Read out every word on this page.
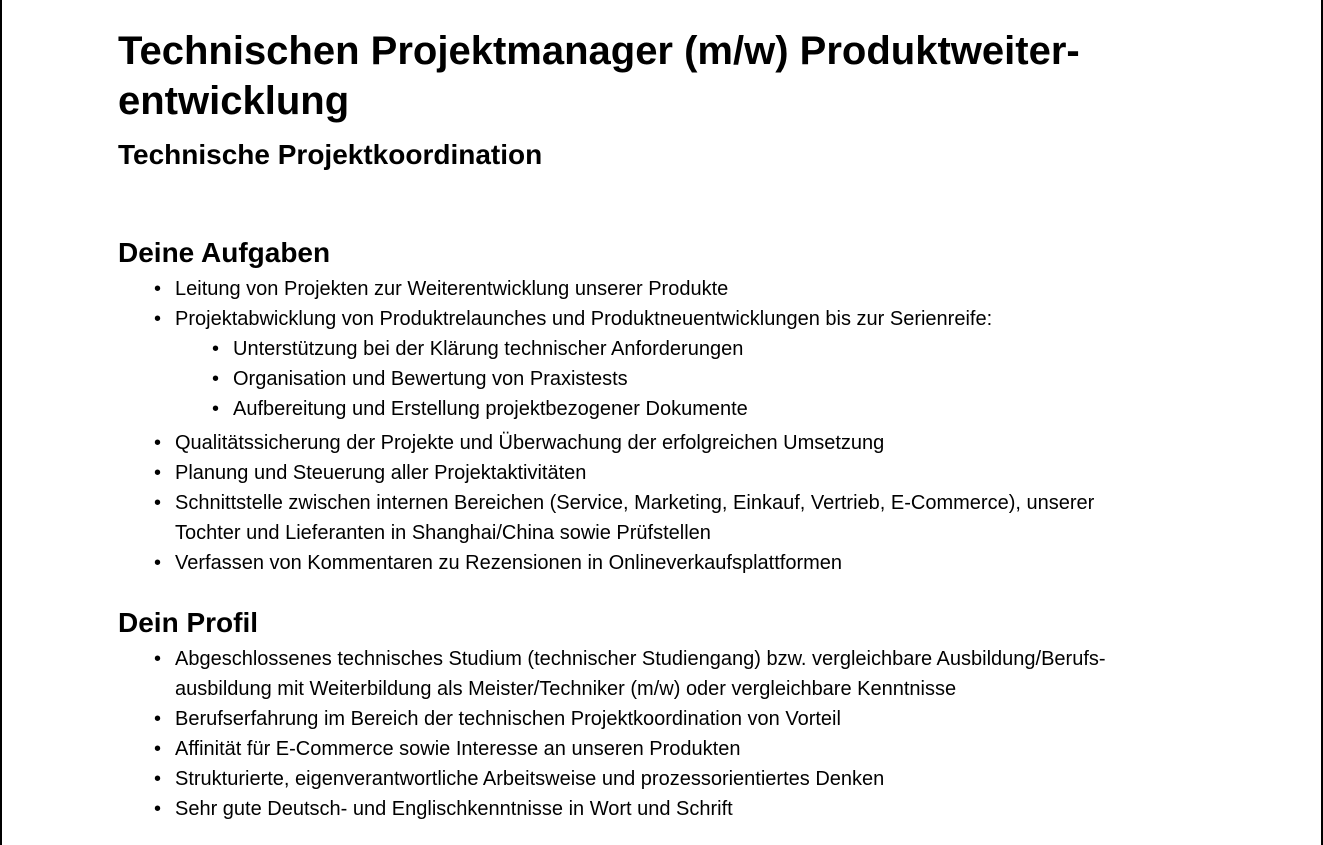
Technischen Projektmanager (m/w) Produktweiter-
entwicklung
Technische Projektkoordination
Deine Aufgaben
• Leitung von Projekten zur Weiterentwicklung unserer Produkte
• Projektabwicklung von Produktrelaunches und Produktneuentwicklungen bis zur Serienreife:
• Unterstützung bei der Klärung technischer Anforderungen
• Organisation und Bewertung von Praxistests
• Aufbereitung und Erstellung projektbezogener Dokumente
• Qualitätssicherung der Projekte und Überwachung der erfolgreichen Umsetzung
• Planung und Steuerung aller Projektaktivitäten
• Schnittstelle zwischen internen Bereichen (Service, Marketing, Einkauf, Vertrieb, E-Commerce), unserer
Tochter und Lieferanten in Shanghai/China sowie Prüfstellen
• Verfassen von Kommentaren zu Rezensionen in Onlineverkaufsplattformen
Dein Profil
• Abgeschlossenes technisches Studium (technischer Studiengang) bzw. vergleichbare Ausbildung/Berufs-
ausbildung mit Weiterbildung als Meister/Techniker (m/w) oder vergleichbare Kenntnisse
• Berufserfahrung im Bereich der technischen Projektkoordination von Vorteil
• Affinität für E-Commerce sowie Interesse an unseren Produkten
• Strukturierte, eigenverantwortliche Arbeitsweise und prozessorientiertes Denken
• Sehr gute Deutsch- und Englischkenntnisse in Wort und Schrift
